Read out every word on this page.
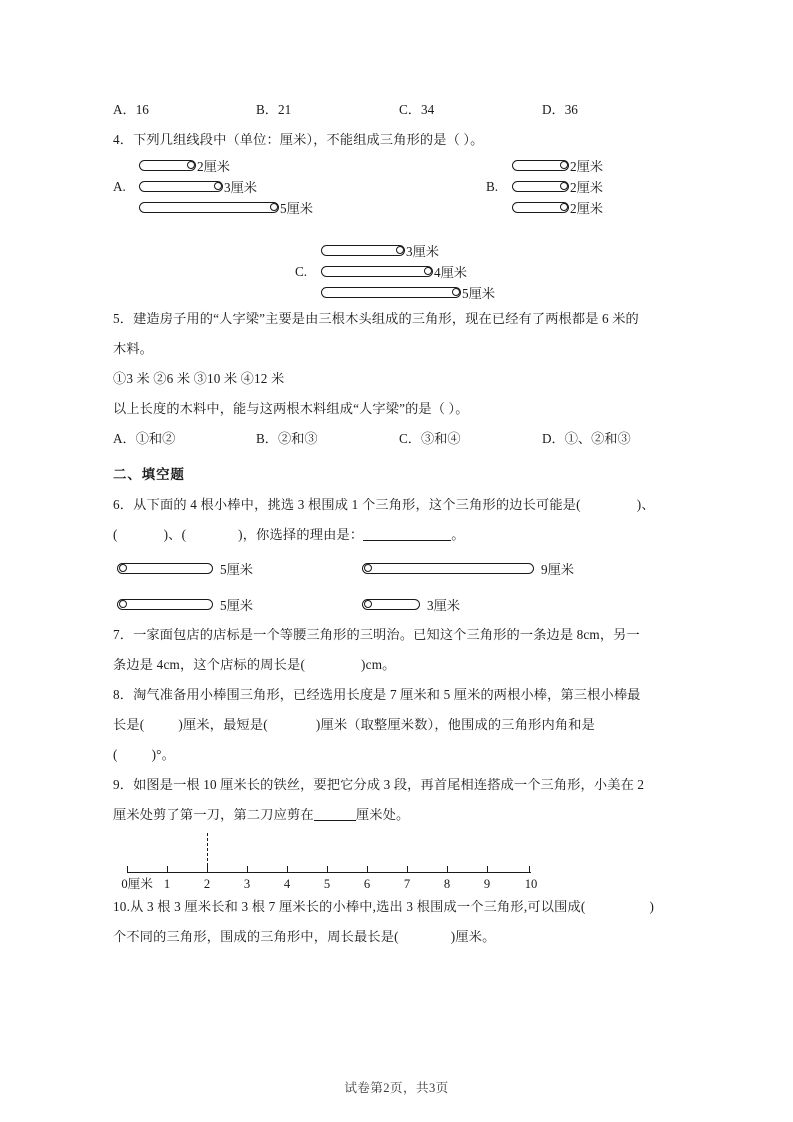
A．16	B．21	C．34	D．36
4．下列几组线段中（单位：厘米），不能组成三角形的是（ ）。
2厘米
A.	3厘米
5厘米
2厘米
B.	2厘米
2厘米
3厘米
C.	4厘米
5厘米
5．建造房子用的“人字梁”主要是由三根木头组成的三角形，现在已经有了两根都是 6 米的
木料。
①3 米 ②6 米 ③10 米 ④12 米
以上长度的木料中，能与这两根木料组成“人字梁”的是（ ）。
A．①和②	B．②和③	C．③和④	D．①、②和③
二、填空题
6．从下面的 4 根小棒中，挑选 3 根围成 1 个三角形，这个三角形的边长可能是(	)、
(	)、(	)，你选择的理由是：	。
5厘米	9厘米
5厘米	3厘米
7．一家面包店的店标是一个等腰三角形的三明治。已知这个三角形的一条边是 8cm，另一
条边是 4cm，这个店标的周长是(	)cm。
8．淘气准备用小棒围三角形，已经选用长度是 7 厘米和 5 厘米的两根小棒，第三根小棒最
长是(	)厘米，最短是(	)厘米（取整厘米数），他围成的三角形内角和是
(	)°。
9．如图是一根 10 厘米长的铁丝，要把它分成 3 段，再首尾相连搭成一个三角形，小美在 2
厘米处剪了第一刀，第二刀应剪在	厘米处。
0厘米 1	2	3	4	5	6	7	8	9	10
10.从 3 根 3 厘米长和 3 根 7 厘米长的小棒中,选出 3 根围成一个三角形,可以围成(	)
个不同的三角形，围成的三角形中，周长最长是(	)厘米。
试卷第2页，共3页
